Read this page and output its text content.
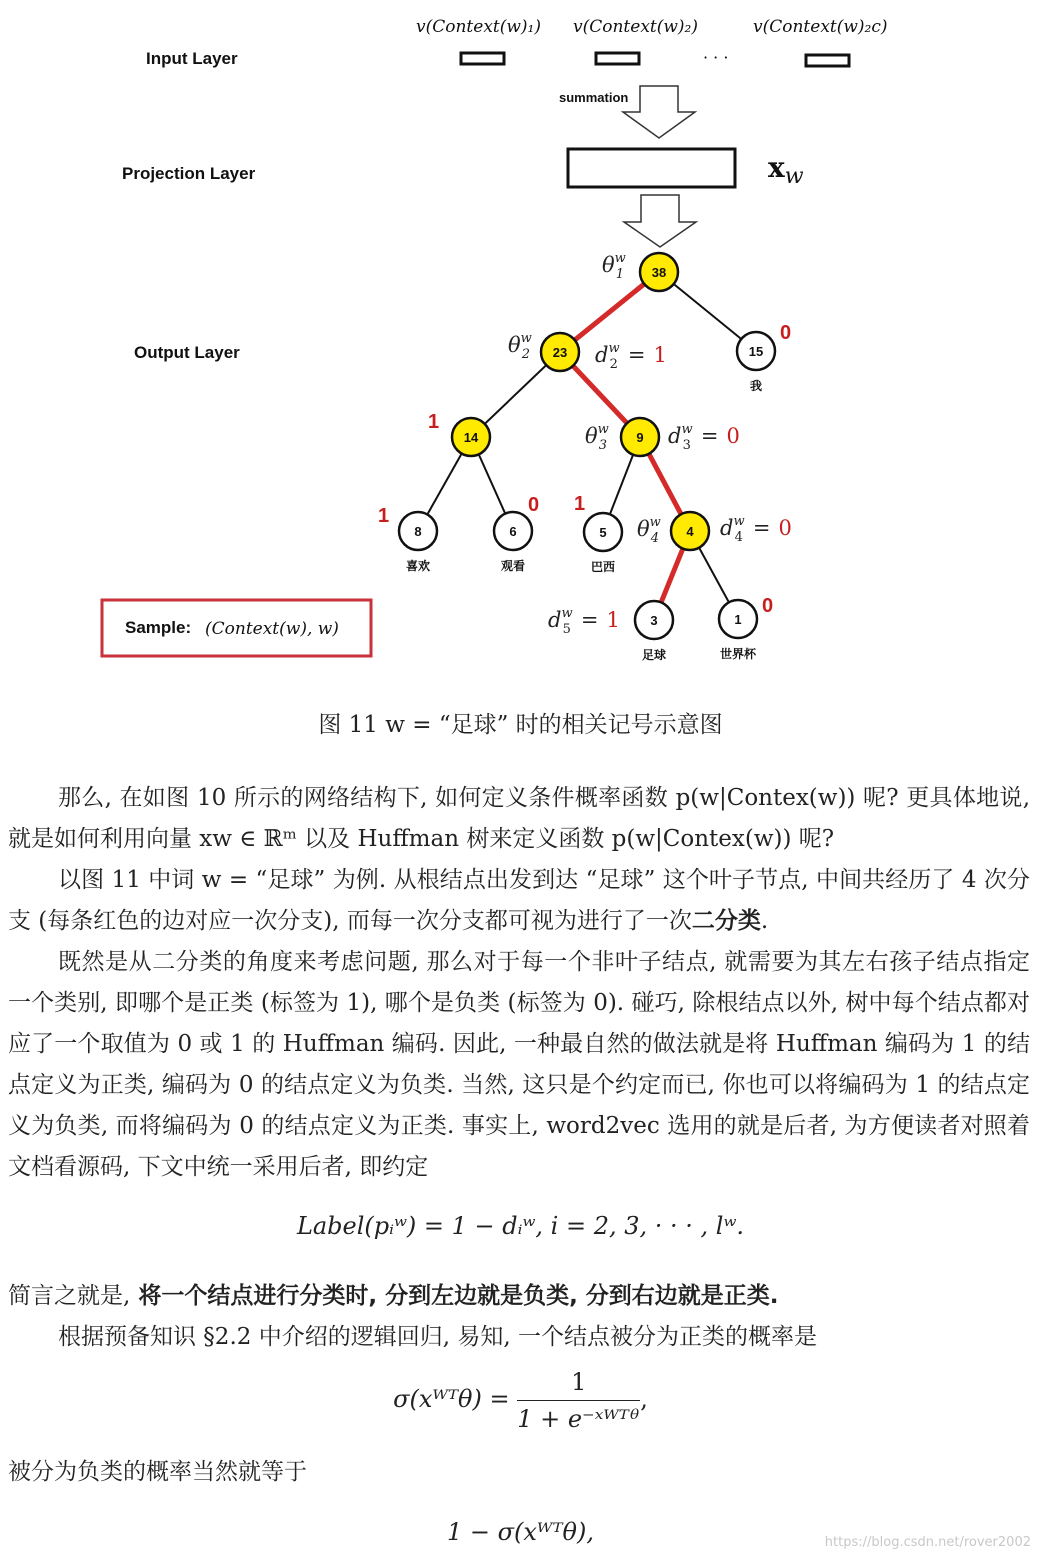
Input Layer
Projection Layer
Output Layer
v(Context(w)₁) v(Context(w)₂)	v(Context(w)₂c)
· · ·
summation
$x_w$
38
23	15
我
14	9
8
喜欢
6
观看
5
巴西
4
3
足球
1
世界杯
0
1
1	0 1
0
$\theta^w$ 1
$\theta^w$ 2
$\theta^w$ 3
$\theta^w$ 4
$d^w$ 2 = 1
$d^w$ 3 = 0
$d^w$ 4 = 0
$d^w$ 5 = 1
Sample: (Context(w), w)
图 11 w = “足球” 时的相关记号示意图
那么, 在如图 10 所示的网络结构下, 如何定义条件概率函数 p(w|Contex(w)) 呢? 更具体地说, 就是如何利用向量 xw ∈ ℝᵐ 以及 Huffman 树来定义函数 p(w|Contex(w)) 呢?
以图 11 中词 w = “足球” 为例. 从根结点出发到达 “足球” 这个叶子节点, 中间共经历了 4 次分支 (每条红色的边对应一次分支), 而每一次分支都可视为进行了一次二分类.
既然是从二分类的角度来考虑问题, 那么对于每一个非叶子结点, 就需要为其左右孩子结点指定一个类别, 即哪个是正类 (标签为 1), 哪个是负类 (标签为 0). 碰巧, 除根结点以外, 树中每个结点都对应了一个取值为 0 或 1 的 Huffman 编码. 因此, 一种最自然的做法就是将 Huffman 编码为 1 的结点定义为正类, 编码为 0 的结点定义为负类. 当然, 这只是个约定而已, 你也可以将编码为 1 的结点定义为负类, 而将编码为 0 的结点定义为正类. 事实上, word2vec 选用的就是后者, 为方便读者对照着文档看源码, 下文中统一采用后者, 即约定
Label(pᵢʷ) = 1 − dᵢʷ, i = 2, 3, · · · , lʷ.
简言之就是, 将一个结点进行分类时, 分到左边就是负类, 分到右边就是正类.
根据预备知识 §2.2 中介绍的逻辑回归, 易知, 一个结点被分为正类的概率是
σ(xᵂᵀθ) = $\frac{1}{\text{1 + e⁻ˣᵂᵀᶿ}}$ ,
被分为负类的概率当然就等于
1 − σ(xᵂᵀθ),	https://blog.csdn.net/rover2002
